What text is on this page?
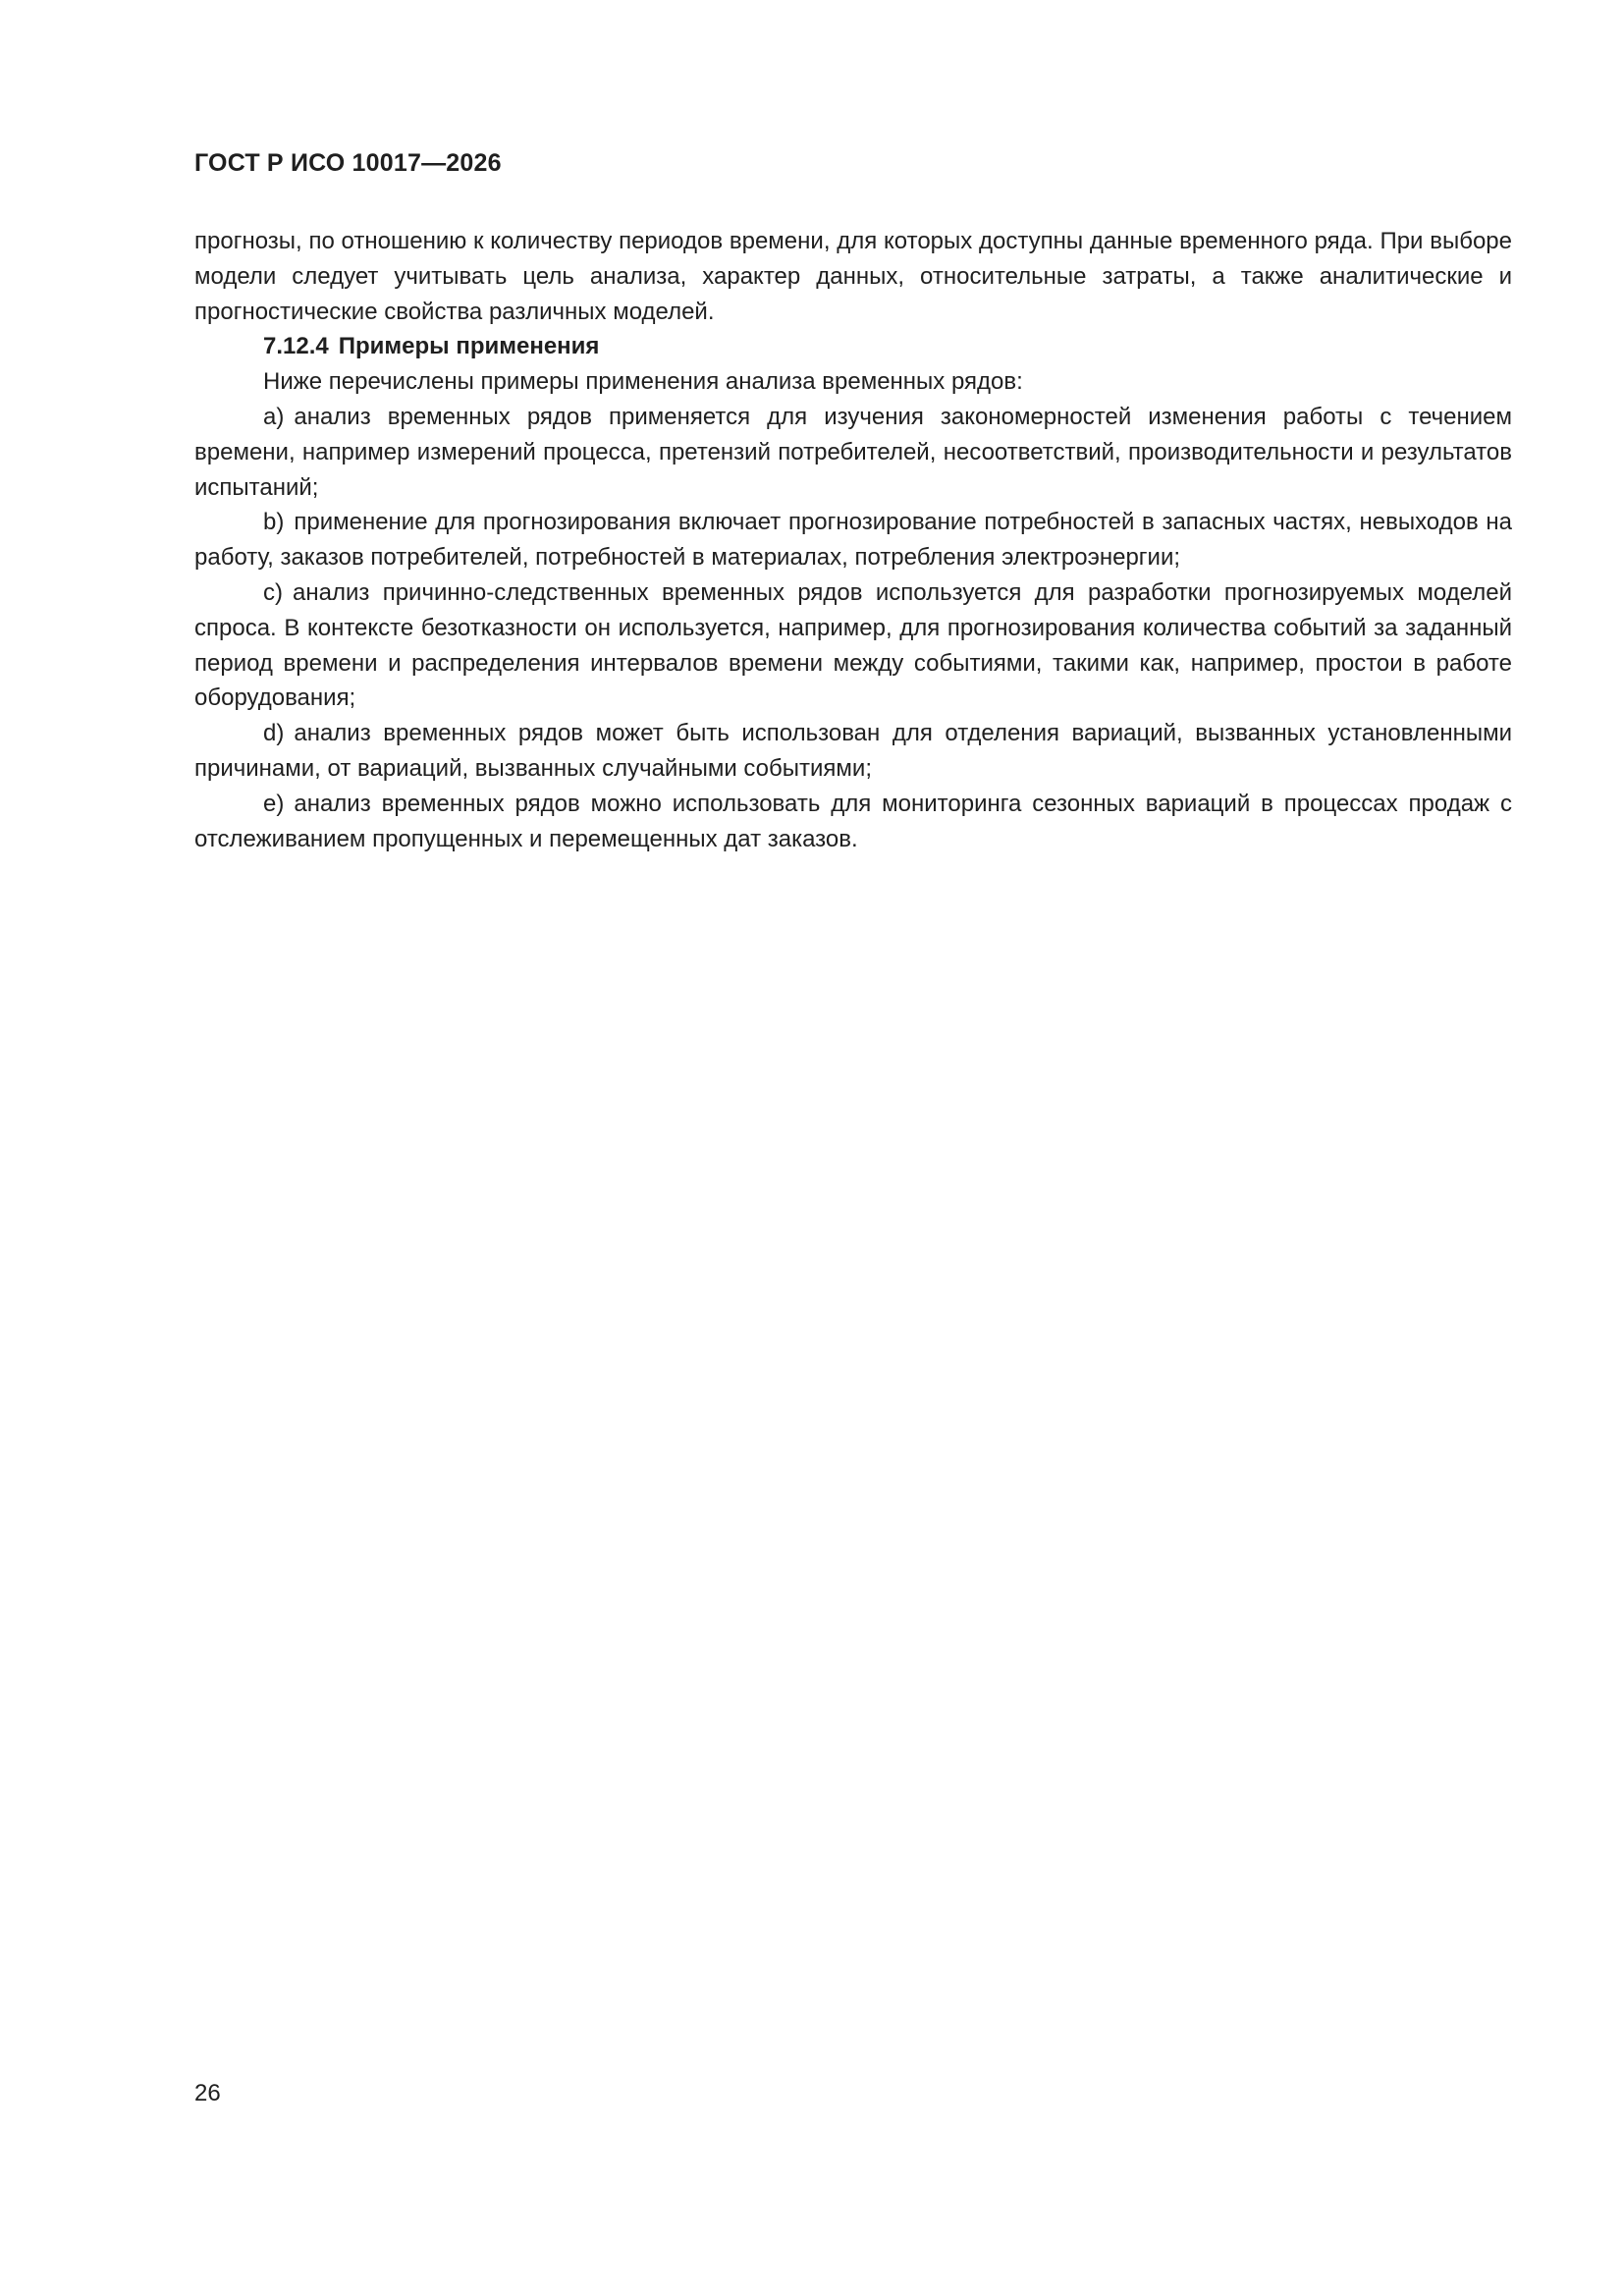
ГОСТ Р ИСО 10017—2026

прогнозы, по отношению к количеству периодов времени, для которых доступны данные временного ряда. При выборе модели следует учитывать цель анализа, характер данных, относительные затраты, а также аналитические и прогностические свойства различных моделей.

7.12.4 Примеры применения

Ниже перечислены примеры применения анализа временных рядов:

a) анализ временных рядов применяется для изучения закономерностей изменения работы с течением времени, например измерений процесса, претензий потребителей, несоответствий, производительности и результатов испытаний;

b) применение для прогнозирования включает прогнозирование потребностей в запасных частях, невыходов на работу, заказов потребителей, потребностей в материалах, потребления электроэнергии;

c) анализ причинно-следственных временных рядов используется для разработки прогнозируемых моделей спроса. В контексте безотказности он используется, например, для прогнозирования количества событий за заданный период времени и распределения интервалов времени между событиями, такими как, например, простои в работе оборудования;

d) анализ временных рядов может быть использован для отделения вариаций, вызванных установленными причинами, от вариаций, вызванных случайными событиями;

e) анализ временных рядов можно использовать для мониторинга сезонных вариаций в процессах продаж с отслеживанием пропущенных и перемещенных дат заказов.

26
